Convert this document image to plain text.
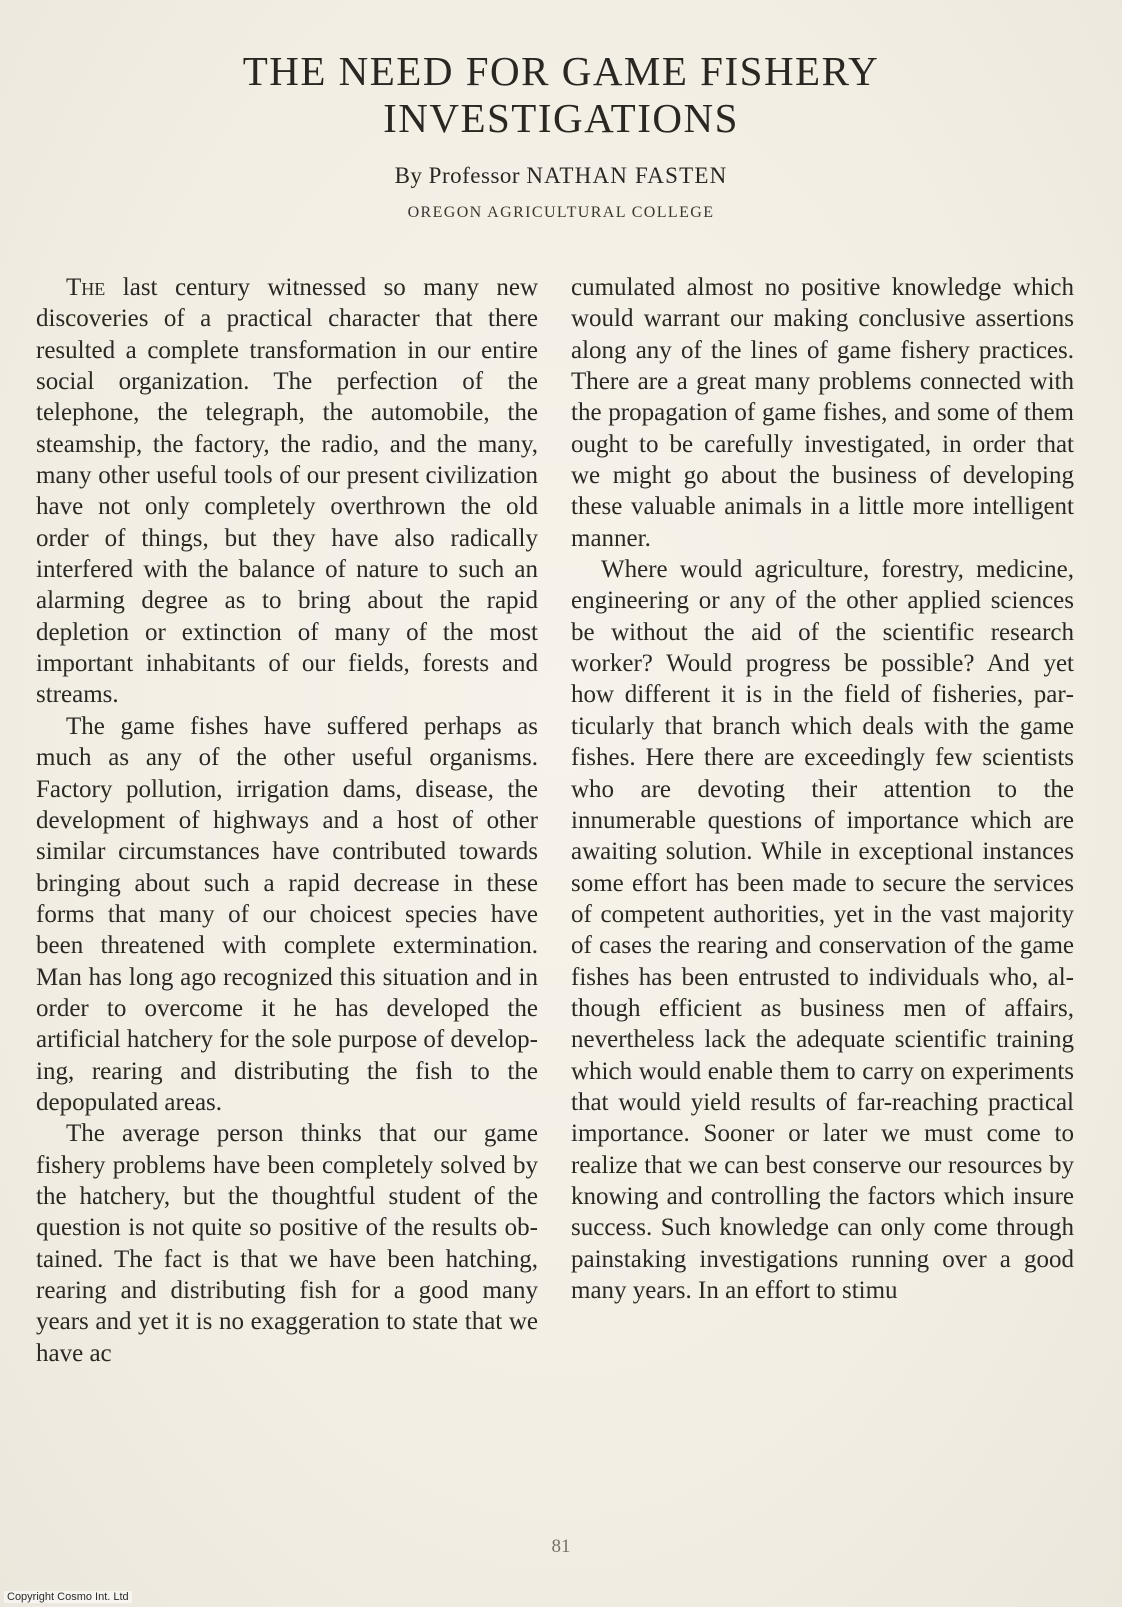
THE NEED FOR GAME FISHERY INVESTIGATIONS
By Professor NATHAN FASTEN
OREGON AGRICULTURAL COLLEGE

The last century witnessed so many new discoveries of a practical character that there resulted a complete transformation in our entire social organization. The perfection of the telephone, the telegraph, the automobile, the steamship, the factory, the radio, and the many, many other useful tools of our present civilization have not only completely overthrown the old order of things, but they have also radically interfered with the balance of nature to such an alarming degree as to bring about the rapid depletion or extinction of many of the most important inhabitants of our fields, forests and streams.

The game fishes have suffered perhaps as much as any of the other useful organisms. Factory pollution, irrigation dams, disease, the development of highways and a host of other similar circumstances have contributed towards bringing about such a rapid decrease in these forms that many of our choicest species have been threatened with complete extermination. Man has long ago recognized this situation and in order to overcome it he has developed the artificial hatchery for the sole purpose of developing, rearing and distributing the fish to the depopulated areas.

The average person thinks that our game fishery problems have been completely solved by the hatchery, but the thoughtful student of the question is not quite so positive of the results obtained. The fact is that we have been hatching, rearing and distributing fish for a good many years and yet it is no exaggeration to state that we have ac

cumulated almost no positive knowledge which would warrant our making conclusive assertions along any of the lines of game fishery practices. There are a great many problems connected with the propagation of game fishes, and some of them ought to be carefully investigated, in order that we might go about the business of developing these valuable animals in a little more intelligent manner.

Where would agriculture, forestry, medicine, engineering or any of the other applied sciences be without the aid of the scientific research worker? Would progress be possible? And yet how different it is in the field of fisheries, particularly that branch which deals with the game fishes. Here there are exceedingly few scientists who are devoting their attention to the innumerable questions of importance which are awaiting solution. While in exceptional instances some effort has been made to secure the services of competent authorities, yet in the vast majority of cases the rearing and conservation of the game fishes has been entrusted to individuals who, although efficient as business men of affairs, nevertheless lack the adequate scientific training which would enable them to carry on experiments that would yield results of far-reaching practical importance. Sooner or later we must come to realize that we can best conserve our resources by knowing and controlling the factors which insure success. Such knowledge can only come through painstaking investigations running over a good many years. In an effort to stimu

81
Copyright Cosmo Int. Ltd
